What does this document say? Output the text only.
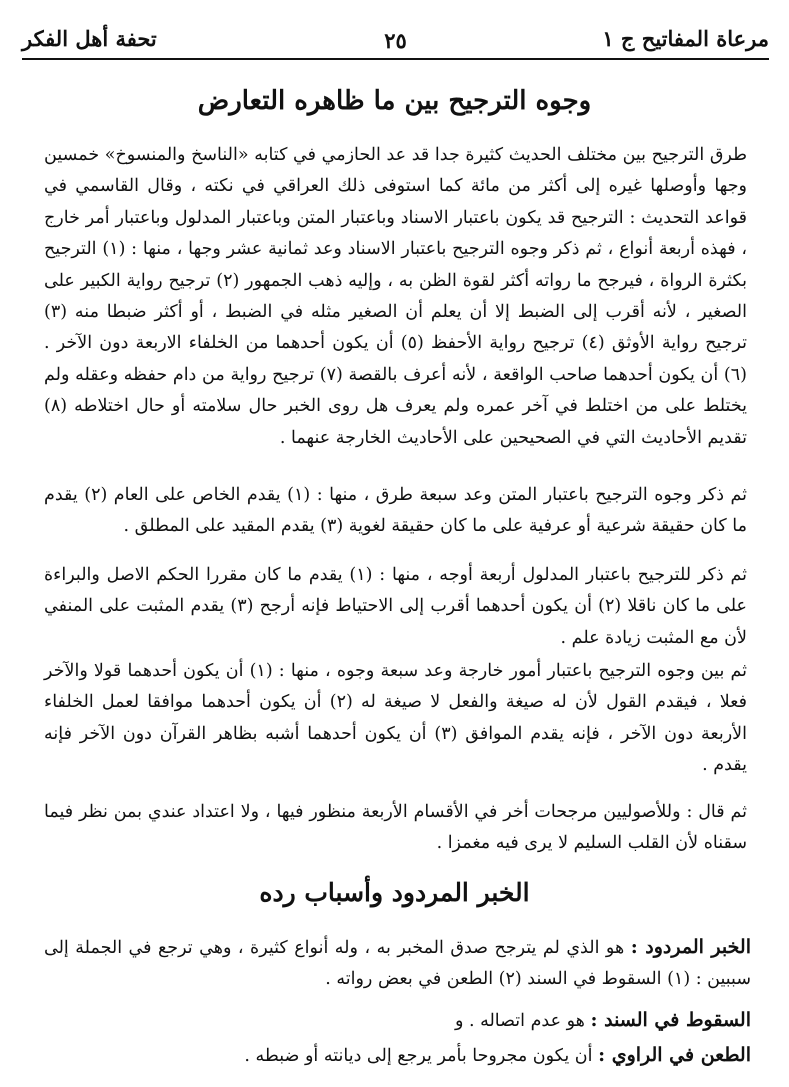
مرعاة المفاتيح ج ١
٢٥
تحفة أهل الفكر
وجوه الترجيح بين ما ظاهره التعارض

طرق الترجيح بين مختلف الحديث كثيرة جدا قد عد الحازمي في كتابه «الناسخ والمنسوخ» خمسين وجها وأوصلها غيره إلى أكثر من مائة كما استوفى ذلك العراقي في نكته ، وقال القاسمي في قواعد التحديث : الترجيح قد يكون باعتبار الاسناد وباعتبار المتن وباعتبار المدلول وباعتبار أمر خارج ، فهذه أربعة أنواع ، ثم ذكر وجوه الترجيح باعتبار الاسناد وعد ثمانية عشر وجها ، منها : (١) الترجيح بكثرة الرواة ، فيرجح ما رواته أكثر لقوة الظن به ، وإليه ذهب الجمهور (٢) ترجيح رواية الكبير على الصغير ، لأنه أقرب إلى الضبط إلا أن يعلم أن الصغير مثله في الضبط ، أو أكثر ضبطا منه (٣) ترجيح رواية الأوثق (٤) ترجيح رواية الأحفظ (٥) أن يكون أحدهما من الخلفاء الاربعة دون الآخر . (٦) أن يكون أحدهما صاحب الواقعة ، لأنه أعرف بالقصة (٧) ترجيح رواية من دام حفظه وعقله ولم يختلط على من اختلط في آخر عمره ولم يعرف هل روى الخبر حال سلامته أو حال اختلاطه (٨) تقديم الأحاديث التي في الصحيحين على الأحاديث الخارجة عنهما .

ثم ذكر وجوه الترجيح باعتبار المتن وعد سبعة طرق ، منها : (١) يقدم الخاص على العام (٢) يقدم ما كان حقيقة شرعية أو عرفية على ما كان حقيقة لغوية (٣) يقدم المقيد على المطلق .

ثم ذكر للترجيح باعتبار المدلول أربعة أوجه ، منها : (١) يقدم ما كان مقررا الحكم الاصل والبراءة على ما كان ناقلا (٢) أن يكون أحدهما أقرب إلى الاحتياط فإنه أرجح (٣) يقدم المثبت على المنفي لأن مع المثبت زيادة علم .

ثم بين وجوه الترجيح باعتبار أمور خارجة وعد سبعة وجوه ، منها : (١) أن يكون أحدهما قولا والآخر فعلا ، فيقدم القول لأن له صيغة والفعل لا صيغة له (٢) أن يكون أحدهما موافقا لعمل الخلفاء الأربعة دون الآخر ، فإنه يقدم الموافق (٣) أن يكون أحدهما أشبه بظاهر القرآن دون الآخر فإنه يقدم .

ثم قال : وللأصوليين مرجحات أخر في الأقسام الأربعة منظور فيها ، ولا اعتداد عندي بمن نظر فيما سقناه لأن القلب السليم لا يرى فيه مغمزا .

الخبر المردود وأسباب رده
الخبر المردود : هو الذي لم يترجح صدق المخبر به ، وله أنواع كثيرة ، وهي ترجع في الجملة إلى سببين : (١) السقوط في السند (٢) الطعن في بعض رواته .
السقوط في السند : هو عدم اتصاله . و
الطعن في الراوي : أن يكون مجروحا بأمر يرجع إلى ديانته أو ضبطه .
